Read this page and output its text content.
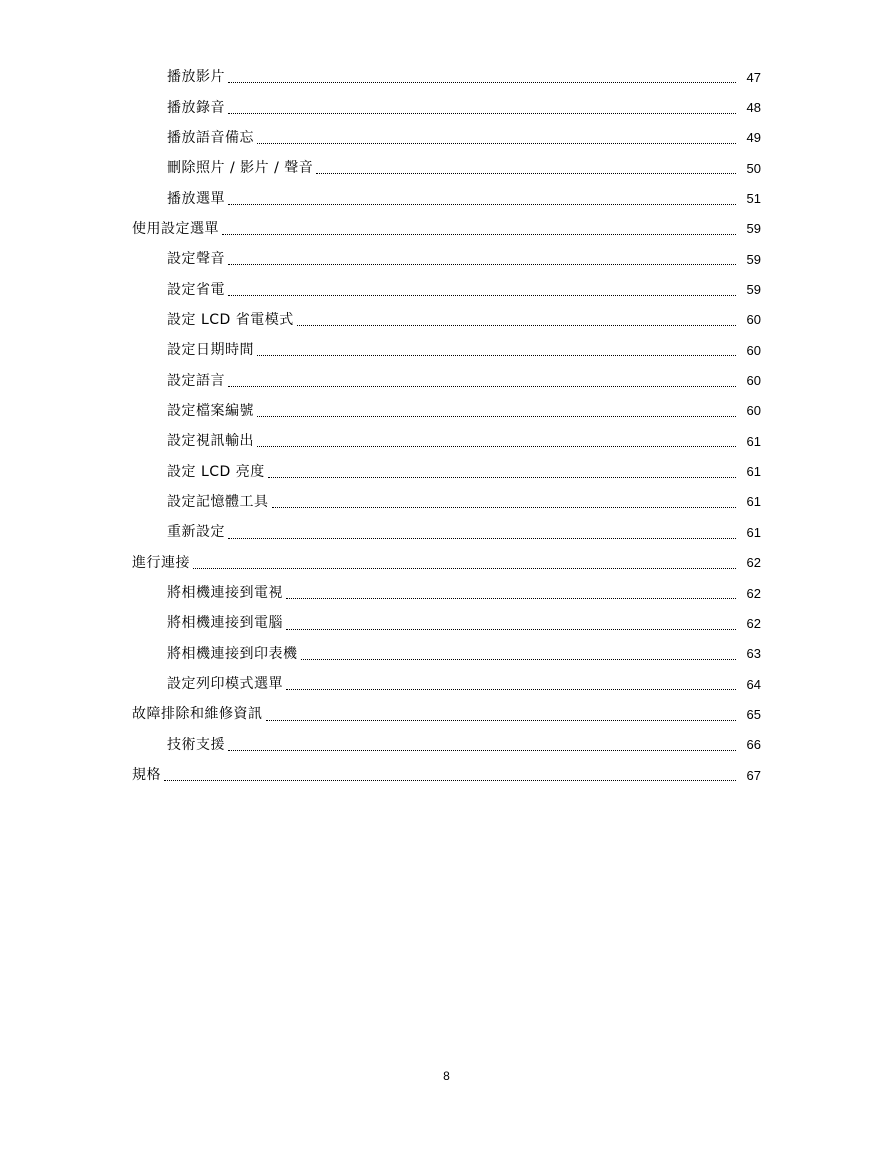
播放影片	47
播放錄音	48
播放語音備忘	49
刪除照片 / 影片 / 聲音	50
播放選單	51
使用設定選單	59
設定聲音	59
設定省電	59
設定 LCD 省電模式	60
設定日期時間	60
設定語言	60
設定檔案編號	60
設定視訊輸出	61
設定 LCD 亮度	61
設定記憶體工具	61
重新設定	61
進行連接	62
將相機連接到電視	62
將相機連接到電腦	62
將相機連接到印表機	63
設定列印模式選單	64
故障排除和維修資訊	65
技術支援	66
規格	67
8
